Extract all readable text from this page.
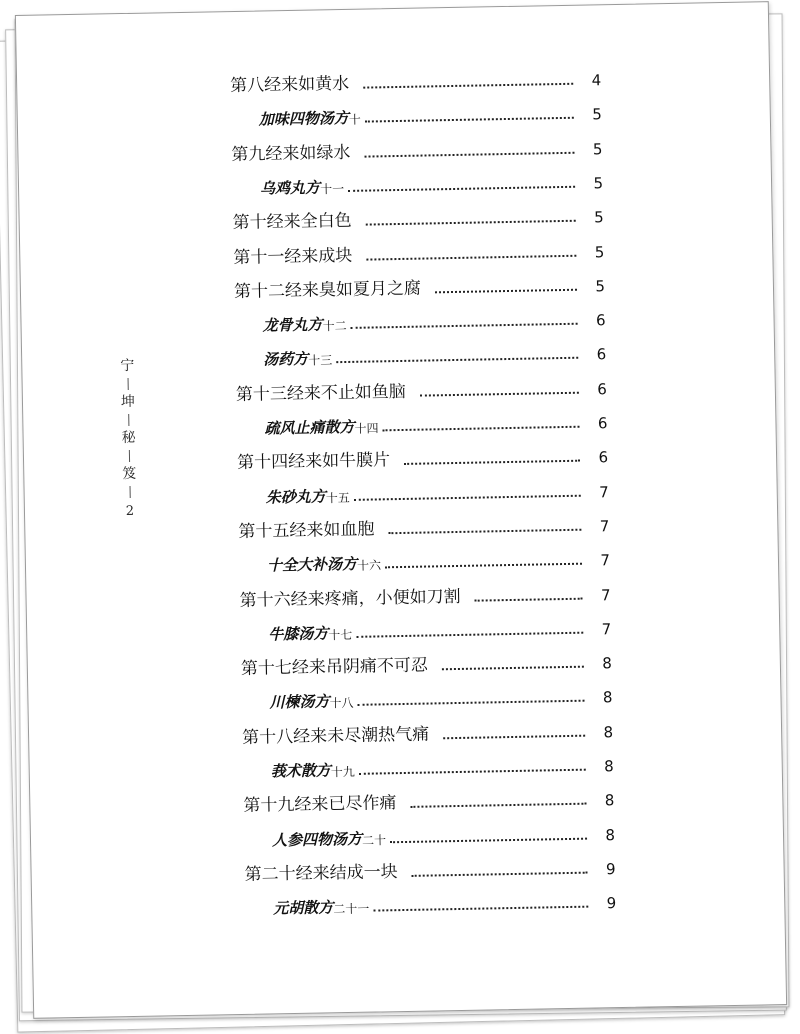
宁
坤
秘
笈
2
第八经来如黄水	4
加味四物汤方 十	5
第九经来如绿水	5
乌鸡丸方 十一	5
第十经来全白色	5
第十一经来成块	5
第十二经来臭如夏月之腐	5
龙骨丸方 十二	6
汤药方 十三	6
第十三经来不止如鱼脑	6
疏风止痛散方 十四	6
第十四经来如牛膜片	6
朱砂丸方 十五	7
第十五经来如血胞	7
十全大补汤方 十六	7
第十六经来疼痛，小便如刀割	7
牛膝汤方 十七	7
第十七经来吊阴痛不可忍	8
川楝汤方 十八	8
第十八经来未尽潮热气痛	8
莪术散方 十九	8
第十九经来已尽作痛	8
人参四物汤方 二十	8
第二十经来结成一块	9
元胡散方 二十一	9
